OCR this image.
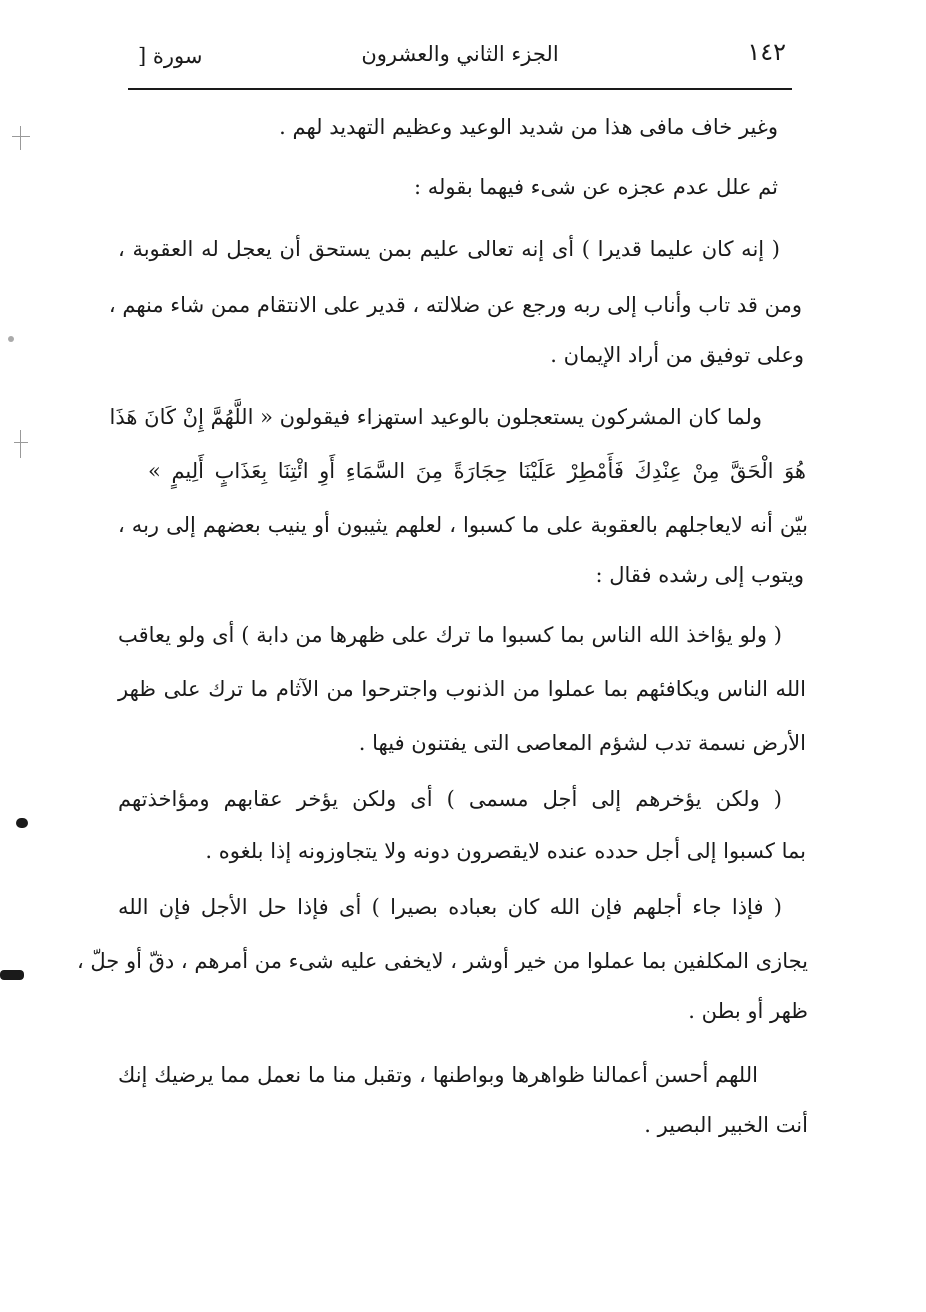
١٤٢
الجزء الثاني والعشرون
سورة [
وغير خاف مافى هذا من شديد الوعيد وعظيم التهديد لهم .
ثم علل عدم عجزه عن شىء فيهما بقوله :
( إنه كان عليما قديرا ) أى إنه تعالى عليم بمن يستحق أن يعجل له العقوبة ،
ومن قد تاب وأناب إلى ربه ورجع عن ضلالته ، قدير على الانتقام ممن شاء منهم ،
وعلى توفيق من أراد الإيمان .
ولما كان المشركون يستعجلون بالوعيد استهزاء فيقولون « اللَّهُمَّ إِنْ كَانَ هَذَا
هُوَ الْحَقَّ مِنْ عِنْدِكَ فَأَمْطِرْ عَلَيْنَا حِجَارَةً مِنَ السَّمَاءِ أَوِ ائْتِنَا بِعَذَابٍ أَلِيمٍ »
بيّن أنه لايعاجلهم بالعقوبة على ما كسبوا ، لعلهم يثيبون أو ينيب بعضهم إلى ربه ،
ويتوب إلى رشده فقال :
( ولو يؤاخذ الله الناس بما كسبوا ما ترك على ظهرها من دابة ) أى ولو يعاقب
الله الناس ويكافئهم بما عملوا من الذنوب واجترحوا من الآثام ما ترك على ظهر
الأرض نسمة تدب لشؤم المعاصى التى يفتنون فيها .
( ولكن يؤخرهم إلى أجل مسمى ) أى ولكن يؤخر عقابهم ومؤاخذتهم
بما كسبوا إلى أجل حدده عنده لايقصرون دونه ولا يتجاوزونه إذا بلغوه .
( فإذا جاء أجلهم فإن الله كان بعباده بصيرا ) أى فإذا حل الأجل فإن الله
يجازى المكلفين بما عملوا من خير أوشر ، لايخفى عليه شىء من أمرهم ، دقّ أو جلّ ،
ظهر أو بطن .
اللهم أحسن أعمالنا ظواهرها وبواطنها ، وتقبل منا ما نعمل مما يرضيك إنك
أنت الخبير البصير .
